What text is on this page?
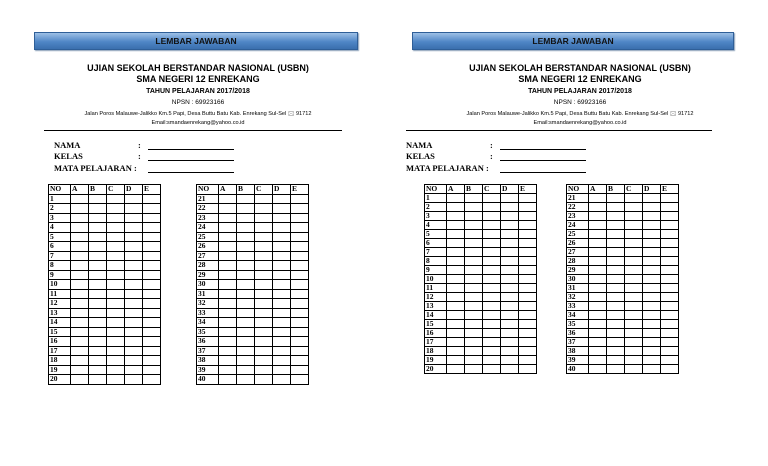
LEMBAR JAWABAN
UJIAN SEKOLAH BERSTANDAR NASIONAL (USBN)
SMA NEGERI 12 ENREKANG
TAHUN PELAJARAN 2017/2018
NPSN : 69923166
Jalan Poros Malauwe-Jalikko Km.5 Papi, Desa Buttu Batu Kab. Enrekang Sul-Sel 🖂 91712
Email:smandaenrekang@yahoo.co.id
NAMA	:
KELAS	:
MATA PELAJARAN :
NO	A	B	C	D	E
1					
2					
3					
4					
5					
6					
7					
8					
9					
10					
11					
12					
13					
14					
15					
16					
17					
18					
19					
20					
NO	A	B	C	D	E
21					
22					
23					
24					
25					
26					
27					
28					
29					
30					
31					
32					
33					
34					
35					
36					
37					
38					
39					
40					
LEMBAR JAWABAN
UJIAN SEKOLAH BERSTANDAR NASIONAL (USBN)
SMA NEGERI 12 ENREKANG
TAHUN PELAJARAN 2017/2018
NPSN : 69923166
Jalan Poros Malauwe-Jalikko Km.5 Papi, Desa Buttu Batu Kab. Enrekang Sul-Sel 🖂 91712
Email:smandaenrekang@yahoo.co.id
NAMA	:
KELAS	:
MATA PELAJARAN :
NO	A	B	C	D	E
1					
2					
3					
4					
5					
6					
7					
8					
9					
10					
11					
12					
13					
14					
15					
16					
17					
18					
19					
20					
NO	A	B	C	D	E
21					
22					
23					
24					
25					
26					
27					
28					
29					
30					
31					
32					
33					
34					
35					
36					
37					
38					
39					
40					
